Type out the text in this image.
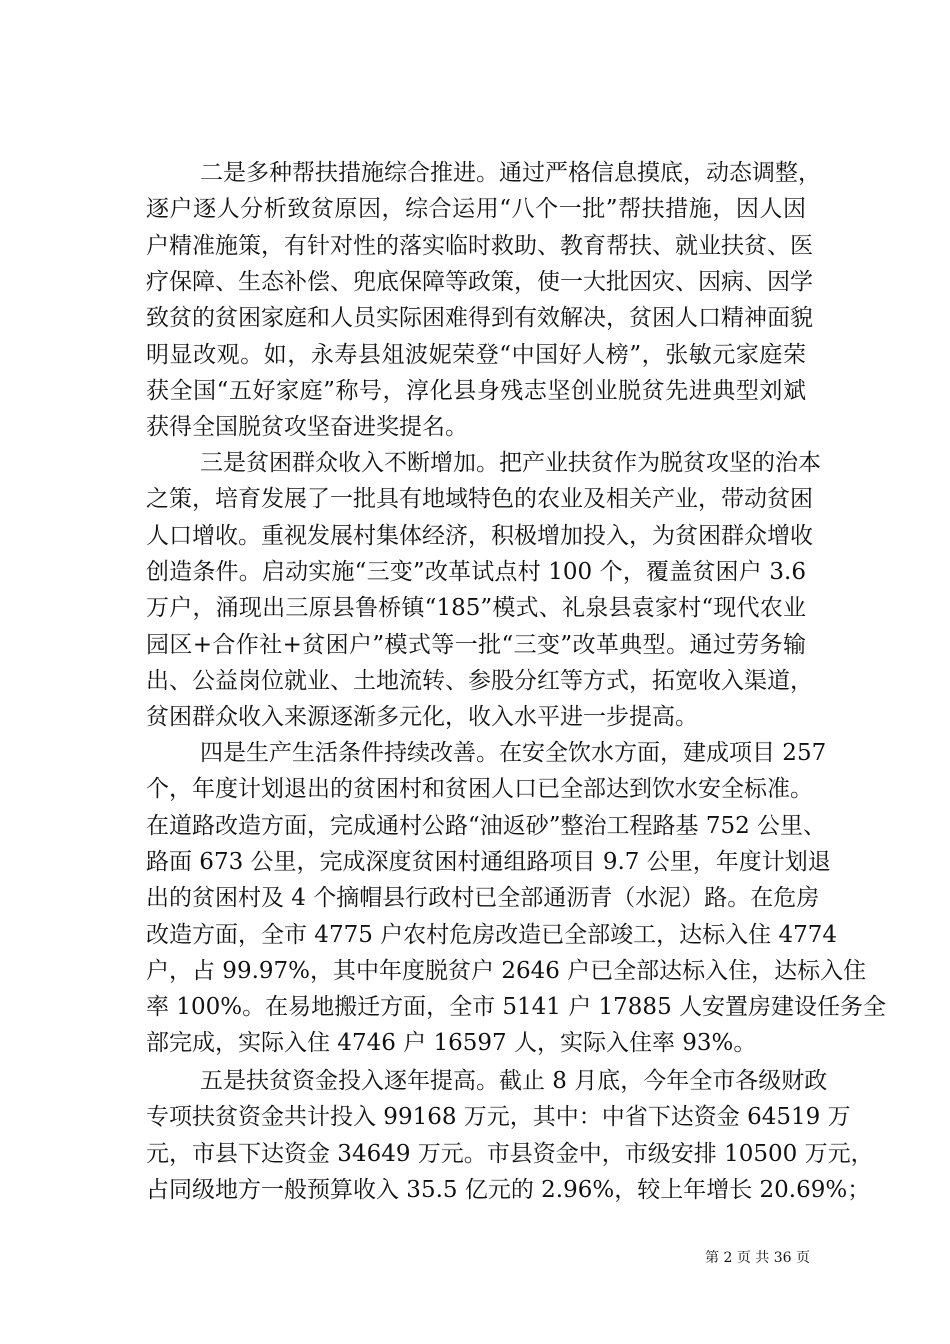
二是多种帮扶措施综合推进。通过严格信息摸底，动态调整，
逐户逐人分析致贫原因，综合运用“八个一批”帮扶措施，因人因
户精准施策，有针对性的落实临时救助、教育帮扶、就业扶贫、医
疗保障、生态补偿、兜底保障等政策，使一大批因灾、因病、因学
致贫的贫困家庭和人员实际困难得到有效解决，贫困人口精神面貌
明显改观。如，永寿县俎波妮荣登“中国好人榜”，张敏元家庭荣
获全国“五好家庭”称号，淳化县身残志坚创业脱贫先进典型刘斌
获得全国脱贫攻坚奋进奖提名。
三是贫困群众收入不断增加。把产业扶贫作为脱贫攻坚的治本
之策，培育发展了一批具有地域特色的农业及相关产业，带动贫困
人口增收。重视发展村集体经济，积极增加投入，为贫困群众增收
创造条件。启动实施“三变”改革试点村 100 个，覆盖贫困户 3.6
万户，涌现出三原县鲁桥镇“185”模式、礼泉县袁家村“现代农业
园区+合作社+贫困户”模式等一批“三变”改革典型。通过劳务输
出、公益岗位就业、土地流转、参股分红等方式，拓宽收入渠道，
贫困群众收入来源逐渐多元化，收入水平进一步提高。
四是生产生活条件持续改善。在安全饮水方面，建成项目 257
个，年度计划退出的贫困村和贫困人口已全部达到饮水安全标准。
在道路改造方面，完成通村公路“油返砂”整治工程路基 752 公里、
路面 673 公里，完成深度贫困村通组路项目 9.7 公里，年度计划退
出的贫困村及 4 个摘帽县行政村已全部通沥青（水泥）路。在危房
改造方面，全市 4775 户农村危房改造已全部竣工，达标入住 4774
户，占 99.97%，其中年度脱贫户 2646 户已全部达标入住，达标入住
率 100%。在易地搬迁方面，全市 5141 户 17885 人安置房建设任务全
部完成，实际入住 4746 户 16597 人，实际入住率 93%。
五是扶贫资金投入逐年提高。截止 8 月底，今年全市各级财政
专项扶贫资金共计投入 99168 万元，其中：中省下达资金 64519 万
元，市县下达资金 34649 万元。市县资金中，市级安排 10500 万元，
占同级地方一般预算收入 35.5 亿元的 2.96%，较上年增长 20.69%；
第 2 页 共 36 页
